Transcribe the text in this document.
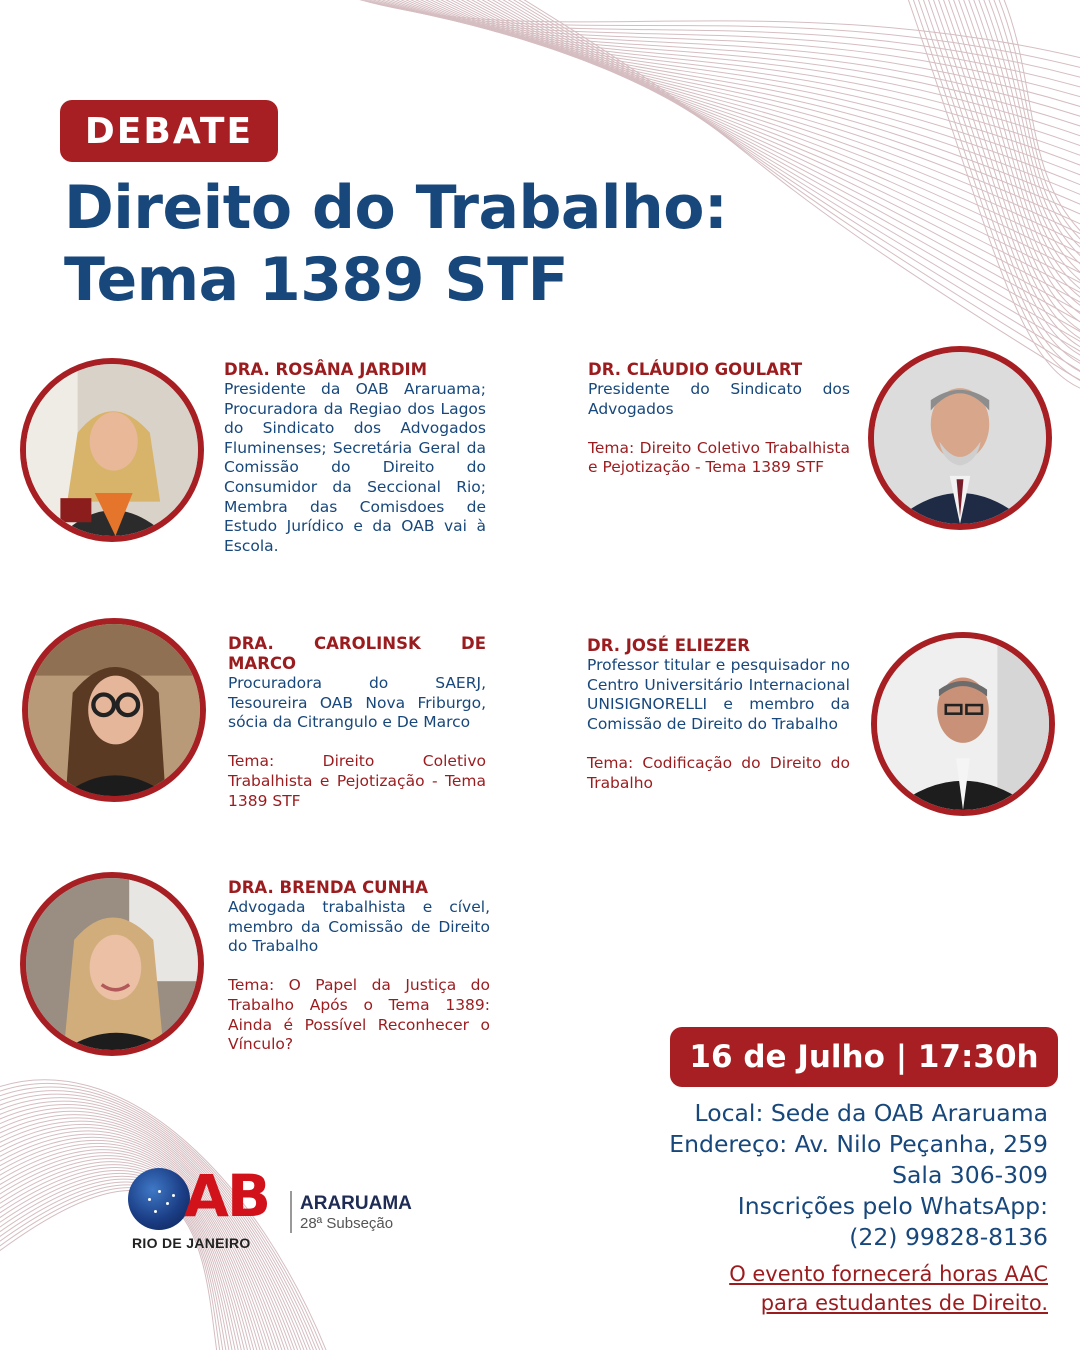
DEBATE
Direito do Trabalho:
Tema 1389 STF
DRA. ROSÂNA JARDIM
Presidente da OAB Araruama; Procuradora da Regiao dos Lagos do Sindicato dos Advogados Fluminenses; Secretária Geral da Comissão do Direito do Consumidor da Seccional Rio; Membra das Comisdoes de Estudo Jurídico e da OAB vai à Escola.
DR. CLÁUDIO GOULART
Presidente do Sindicato dos Advogados
Tema: Direito Coletivo Trabalhista e Pejotização - Tema 1389 STF
DRA. CAROLINSK DE MARCO
Procuradora do SAERJ, Tesoureira OAB Nova Friburgo, sócia da Citrangulo e De Marco
Tema: Direito Coletivo Trabalhista e Pejotização - Tema 1389 STF
DR. JOSÉ ELIEZER
Professor titular e pesquisador no Centro Universitário Internacional UNISIGNORELLI e membro da Comissão de Direito do Trabalho
Tema: Codificação do Direito do Trabalho
DRA. BRENDA CUNHA
Advogada trabalhista e cível, membro da Comissão de Direito do Trabalho
Tema: O Papel da Justiça do Trabalho Após o Tema 1389: Ainda é Possível Reconhecer o Vínculo?	16 de Julho | 17:30h
Local: Sede da OAB Araruama
Endereço: Av. Nilo Peçanha, 259
Sala 306-309
Inscrições pelo WhatsApp:
(22) 99828-8136
O evento fornecerá horas AAC
para estudantes de Direito.
AB
RIO DE JANEIRO
ARARUAMA
28ª Subseção
